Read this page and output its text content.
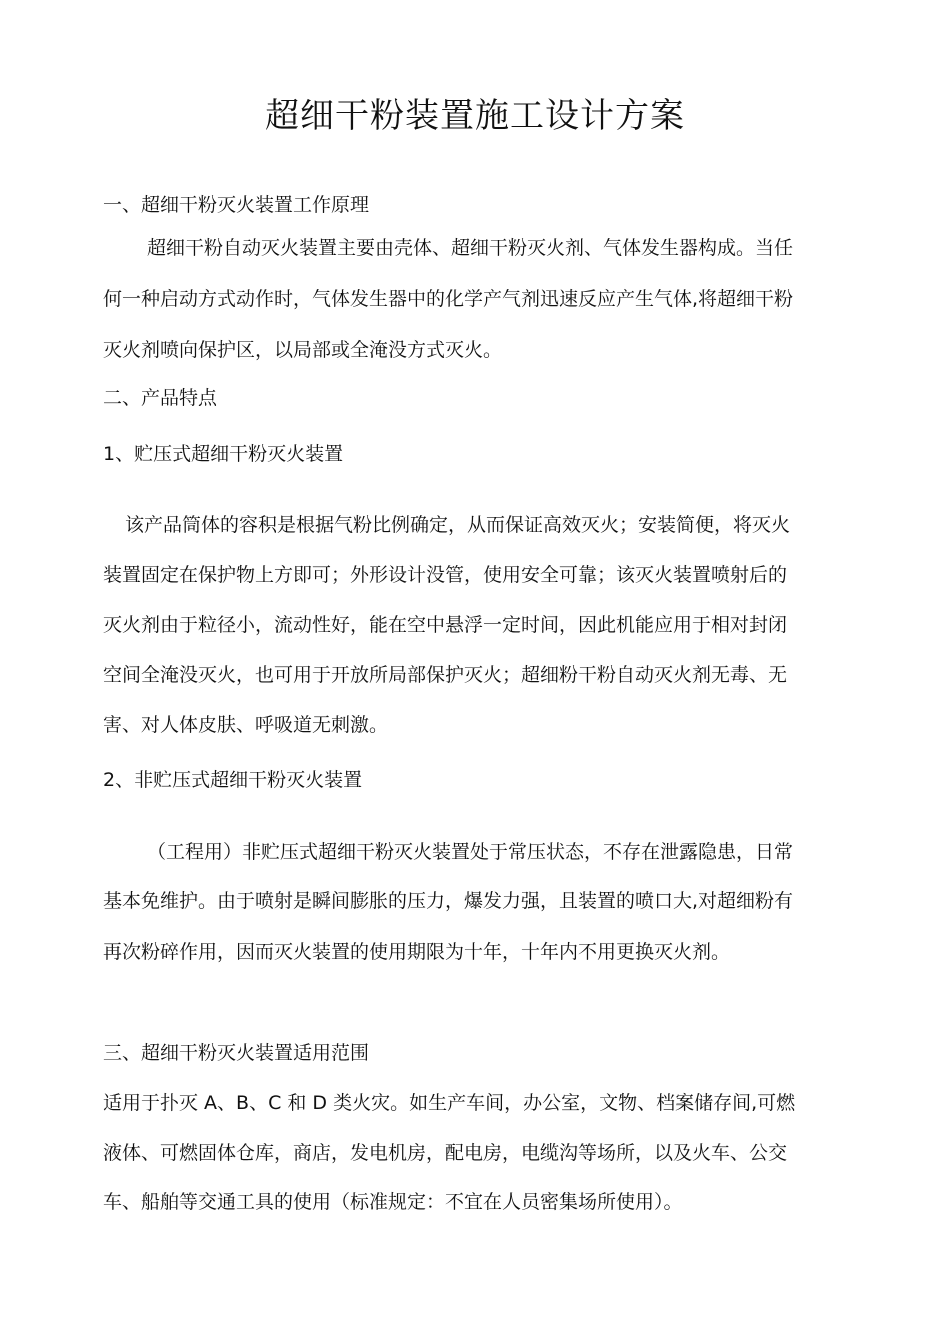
超细干粉装置施工设计方案
一、超细干粉灭火装置工作原理
超细干粉自动灭火装置主要由壳体、超细干粉灭火剂、气体发生器构成。当任
何一种启动方式动作时，气体发生器中的化学产气剂迅速反应产生气体,将超细干粉
灭火剂喷向保护区，以局部或全淹没方式灭火。
二、产品特点
1、贮压式超细干粉灭火装置
该产品筒体的容积是根据气粉比例确定，从而保证高效灭火；安装简便，将灭火
装置固定在保护物上方即可；外形设计没管，使用安全可靠；该灭火装置喷射后的
灭火剂由于粒径小，流动性好，能在空中悬浮一定时间，因此机能应用于相对封闭
空间全淹没灭火，也可用于开放所局部保护灭火；超细粉干粉自动灭火剂无毒、无
害、对人体皮肤、呼吸道无刺激。
2、非贮压式超细干粉灭火装置
（工程用）非贮压式超细干粉灭火装置处于常压状态，不存在泄露隐患，日常
基本免维护。由于喷射是瞬间膨胀的压力，爆发力强，且装置的喷口大,对超细粉有
再次粉碎作用，因而灭火装置的使用期限为十年，十年内不用更换灭火剂。
三、超细干粉灭火装置适用范围
适用于扑灭 A、B、C 和 D 类火灾。如生产车间，办公室，文物、档案储存间,可燃
液体、可燃固体仓库，商店，发电机房，配电房，电缆沟等场所，以及火车、公交
车、船舶等交通工具的使用（标准规定：不宜在人员密集场所使用）。
